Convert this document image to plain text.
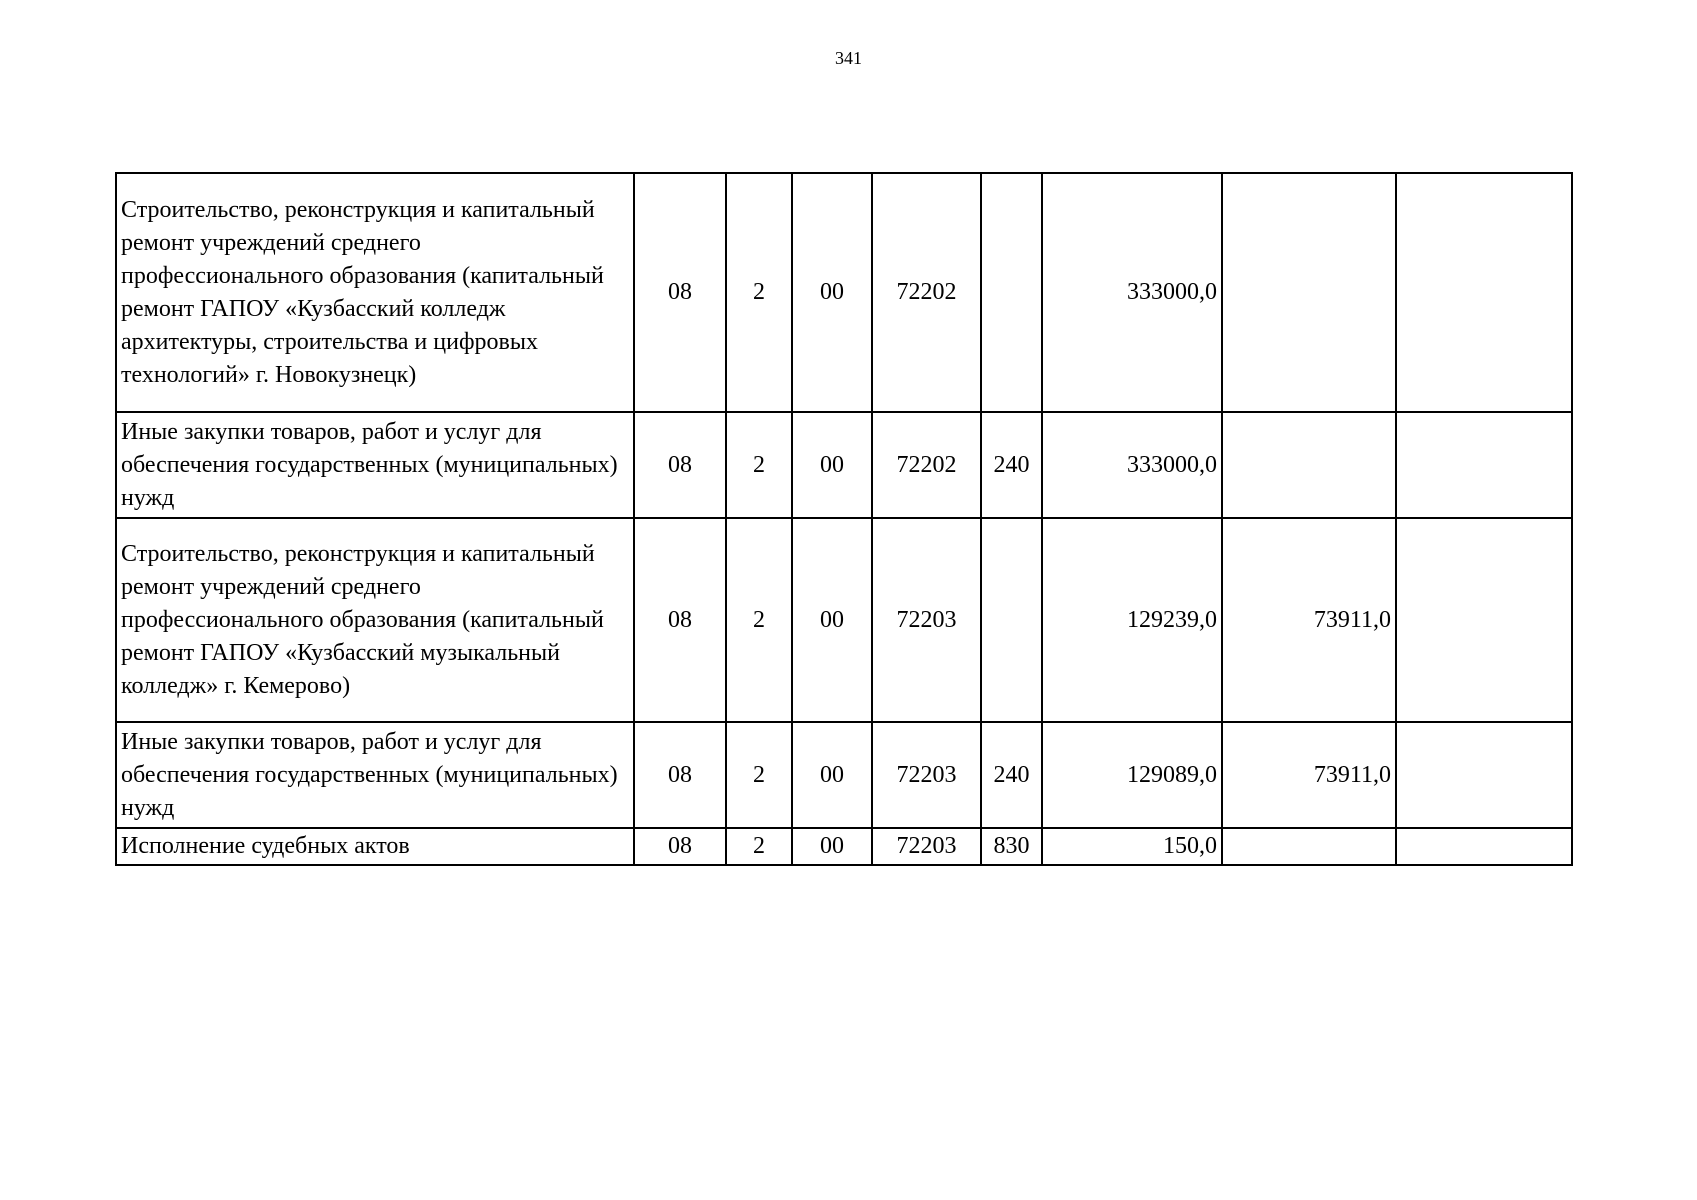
341
Строительство, реконструкция и капитальный ремонт учреждений среднего профессионального образования (капитальный ремонт ГАПОУ «Кузбасский колледж архитектуры, строительства и цифровых технологий» г. Новокузнецк)	08	2	00	72202		333000,0		
Иные закупки товаров, работ и услуг для обеспечения государственных (муниципальных) нужд	08	2	00	72202	240	333000,0		
Строительство, реконструкция и капитальный ремонт учреждений среднего профессионального образования (капитальный ремонт ГАПОУ «Кузбасский музыкальный колледж» г. Кемерово)	08	2	00	72203		129239,0	73911,0	
Иные закупки товаров, работ и услуг для обеспечения государственных (муниципальных) нужд	08	2	00	72203	240	129089,0	73911,0	
Исполнение судебных актов	08	2	00	72203	830	150,0		
